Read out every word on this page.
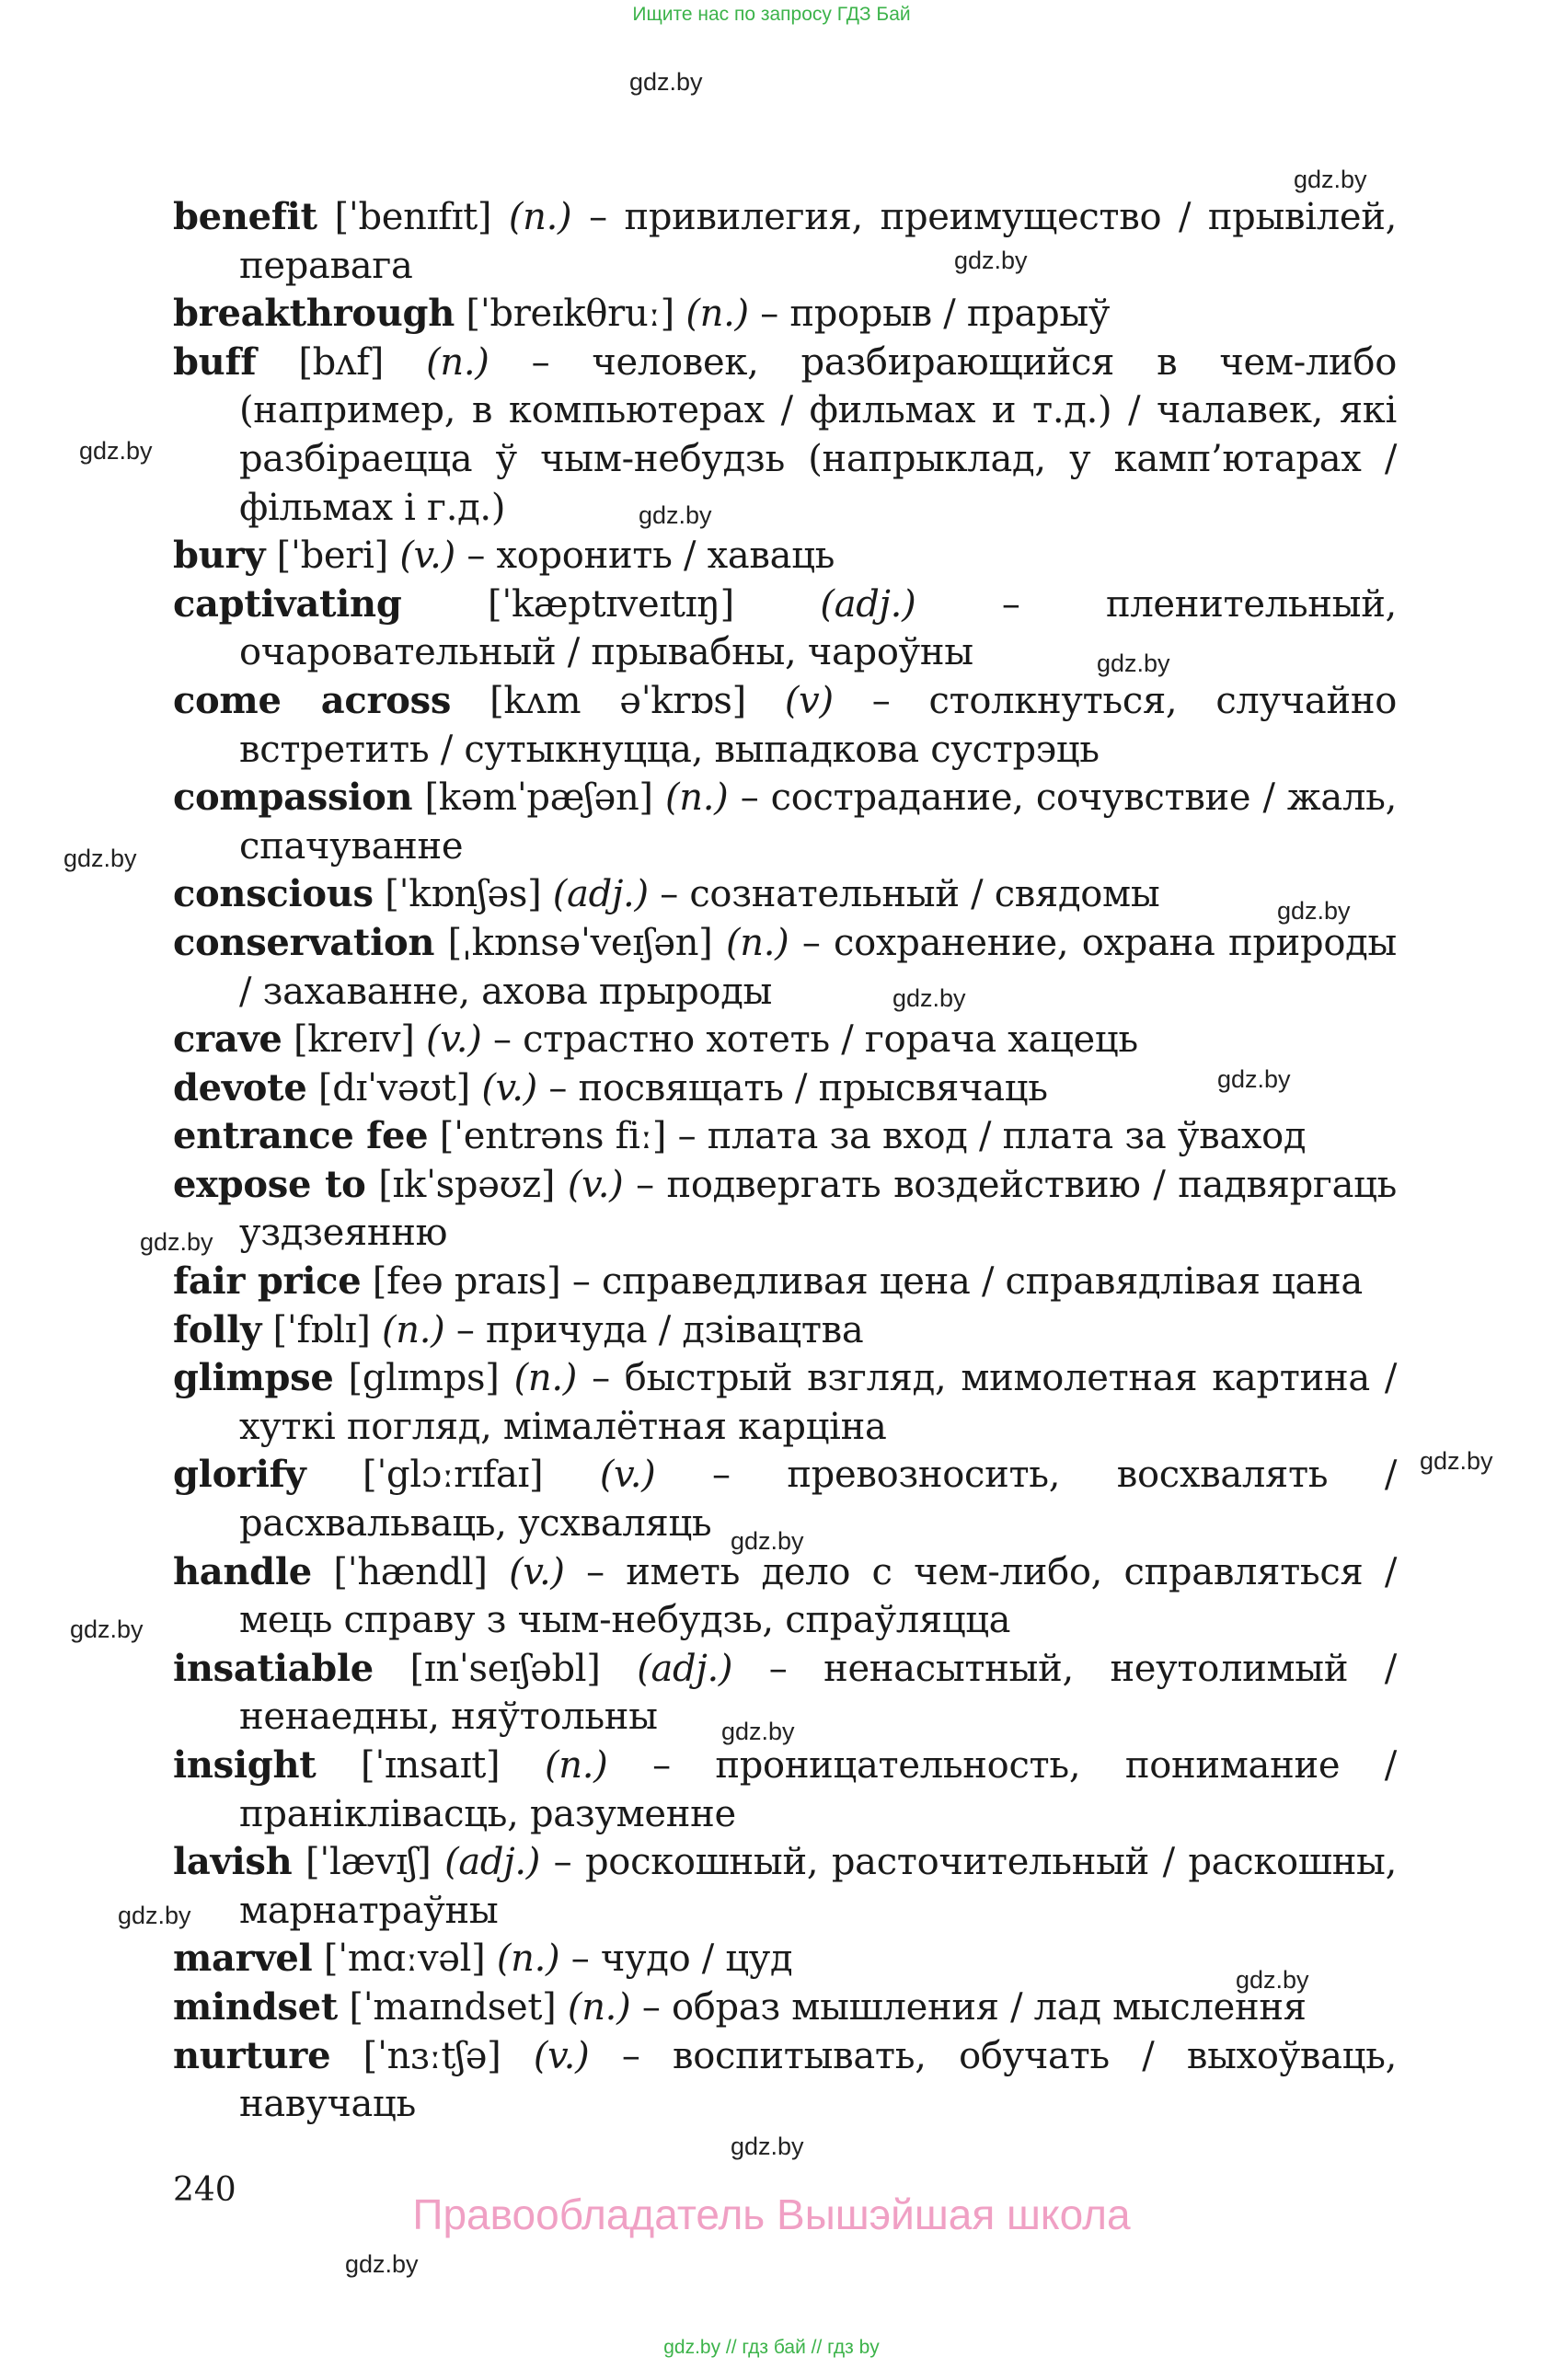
Ищите нас по запросу ГДЗ Бай
gdz.by
gdz.by
gdz.by
gdz.by
gdz.by
gdz.by
gdz.by
gdz.by
gdz.by
gdz.by
gdz.by
gdz.by
gdz.by
gdz.by
gdz.by
gdz.by
gdz.by
gdz.by
gdz.by
benefit [ˈbenɪfɪt] (n.) – привилегия, преимущество / прывілей, перавага
breakthrough [ˈbreɪkθruː] (n.) – прорыв / прарыў
buff [bʌf] (n.) – человек, разбирающийся в чем-либо (например, в компьютерах / фильмах и т.д.) / чалавек, які разбіраецца ў чым-небудзь (напрыклад, у камп’ютарах / фільмах і г.д.)
bury [ˈberi] (v.) – хоронить / хаваць
captivating [ˈkæptɪveɪtɪŋ] (adj.) – пленительный, очаровательный / прывабны, чароўны
come across [kʌm əˈkrɒs] (v) – столкнуться, случайно встретить / сутыкнуцца, выпадкова сустрэць
compassion [kəmˈpæʃən] (n.) – сострадание, сочувствие / жаль, спачуванне
conscious [ˈkɒnʃəs] (adj.) – сознательный / свядомы
conservation [ˌkɒnsəˈveɪʃən] (n.) – сохранение, охрана природы / захаванне, ахова прыроды
crave [kreɪv] (v.) – страстно хотеть / горача хацець
devote [dɪˈvəʊt] (v.) – посвящать / прысвячаць
entrance fee [ˈentrəns fiː] – плата за вход / плата за ўваход
expose to [ɪkˈspəʊz] (v.) – подвергать воздействию / падвяргаць уздзеянню
fair price [feə praɪs] – справедливая цена / справядлівая цана
folly [ˈfɒlɪ] (n.) – причуда / дзівацтва
glimpse [glɪmps] (n.) – быстрый взгляд, мимолетная картина / хуткі погляд, мімалётная карціна
glorify [ˈglɔːrɪfaɪ] (v.) – превозносить, восхвалять / расхвальваць, усхваляць
handle [ˈhændl] (v.) – иметь дело с чем-либо, справляться / мець справу з чым-небудзь, спраўляцца
insatiable [ɪnˈseɪʃəbl] (adj.) – ненасытный, неутолимый / ненаедны, няўтольны
insight [ˈɪnsaɪt] (n.) – проницательность, понимание / праніклівасць, разуменне
lavish [ˈlævɪʃ] (adj.) – роскошный, расточительный / раскошны, марнатраўны
marvel [ˈmɑːvəl] (n.) – чудо / цуд
mindset [ˈmaɪndset] (n.) – образ мышления / лад мыслення
nurture [ˈnɜːtʃə] (v.) – воспитывать, обучать / выхоўваць, навучаць
240
Правообладатель Вышэйшая школа
gdz.by // гдз бай // гдз by
